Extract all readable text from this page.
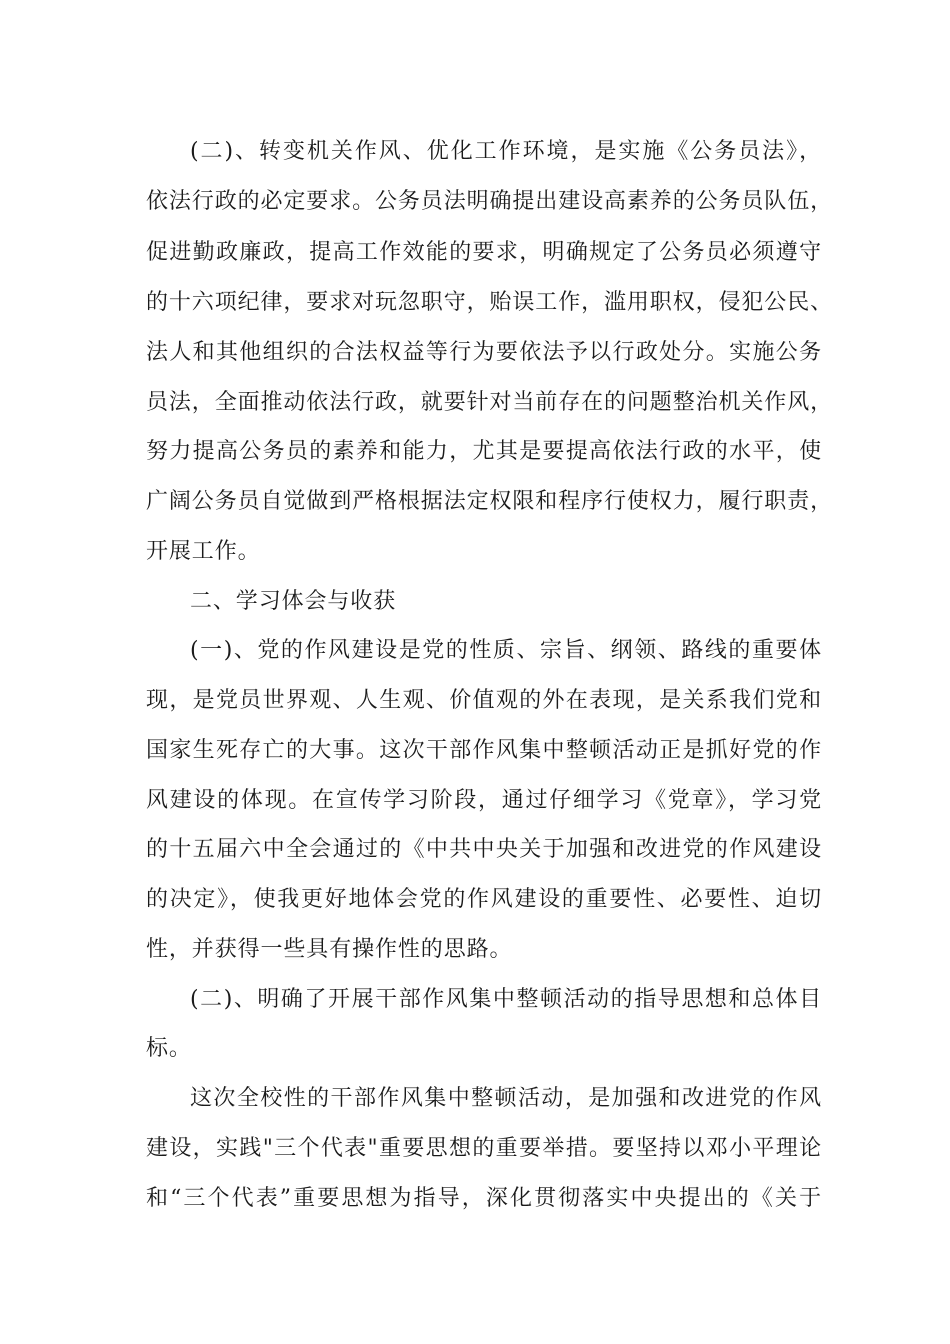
(二)、转变机关作风、优化工作环境，是实施《公务员法》，
依法行政的必定要求。公务员法明确提出建设高素养的公务员队伍，
促进勤政廉政，提高工作效能的要求，明确规定了公务员必须遵守
的十六项纪律，要求对玩忽职守，贻误工作，滥用职权，侵犯公民、
法人和其他组织的合法权益等行为要依法予以行政处分。实施公务
员法，全面推动依法行政，就要针对当前存在的问题整治机关作风，
努力提高公务员的素养和能力，尤其是要提高依法行政的水平，使
广阔公务员自觉做到严格根据法定权限和程序行使权力，履行职责，
开展工作。
二、学习体会与收获
(一)、党的作风建设是党的性质、宗旨、纲领、路线的重要体
现，是党员世界观、人生观、价值观的外在表现，是关系我们党和
国家生死存亡的大事。这次干部作风集中整顿活动正是抓好党的作
风建设的体现。在宣传学习阶段，通过仔细学习《党章》，学习党
的十五届六中全会通过的《中共中央关于加强和改进党的作风建设
的决定》，使我更好地体会党的作风建设的重要性、必要性、迫切
性，并获得一些具有操作性的思路。
(二)、明确了开展干部作风集中整顿活动的指导思想和总体目
标。
这次全校性的干部作风集中整顿活动，是加强和改进党的作风
建设，实践"三个代表"重要思想的重要举措。要坚持以邓小平理论
和“三个代表”重要思想为指导，深化贯彻落实中央提出的《关于
